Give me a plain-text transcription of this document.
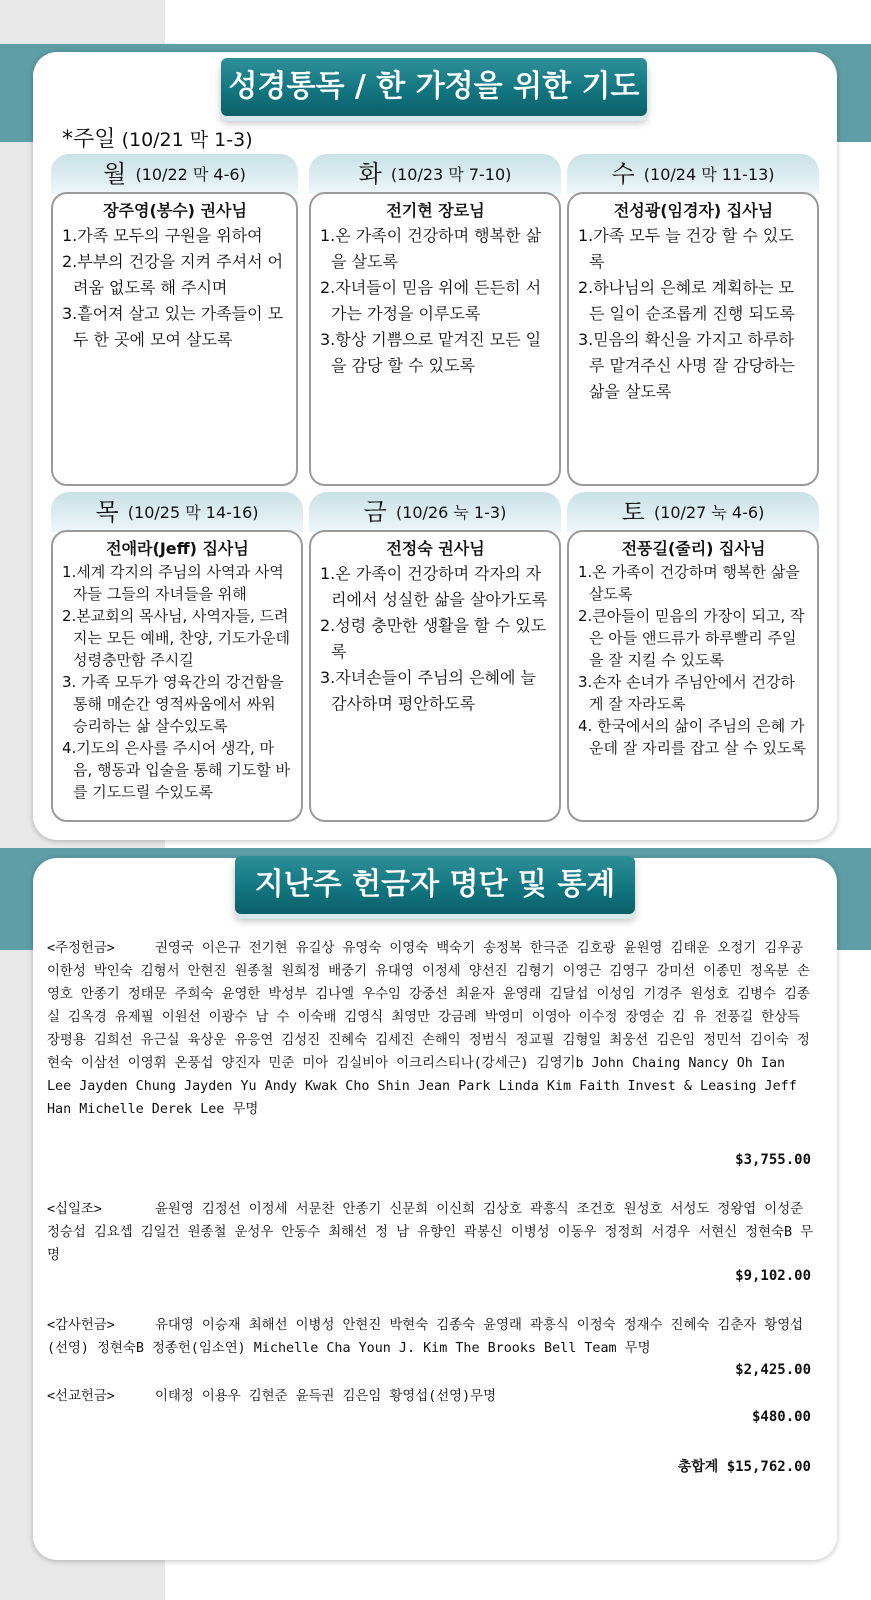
성경통독 / 한 가정을 위한 기도
*주일 (10/21 막 1-3)
월 (10/22 막 4-6)
장주영(봉수) 권사님
1.가족 모두의 구원을 위하여
2.부부의 건강을 지켜 주셔서 어려움 없도록 해 주시며
3.흩어져 살고 있는 가족들이 모두 한 곳에 모여 살도록
화 (10/23 막 7-10)
전기현 장로님
1.온 가족이 건강하며 행복한 삶을 살도록
2.자녀들이 믿음 위에 든든히 서가는 가정을 이루도록
3.항상 기쁨으로 맡겨진 모든 일을 감당 할 수 있도록
수 (10/24 막 11-13)
전성광(임경자) 집사님
1.가족 모두 늘 건강 할 수 있도록
2.하나님의 은혜로 계획하는 모든 일이 순조롭게 진행 되도록
3.믿음의 확신을 가지고 하루하루 맡겨주신 사명 잘 감당하는 삶을 살도록
목 (10/25 막 14-16)
전애라(Jeff) 집사님
1.세계 각지의 주님의 사역과 사역자들 그들의 자녀들을 위해
2.본교회의 목사님, 사역자들, 드려지는 모든 예배, 찬양, 기도가운데 성령충만함 주시길
3. 가족 모두가 영육간의 강건함을 통해 매순간 영적싸움에서 싸워 승리하는 삶 살수있도록
4.기도의 은사를 주시어 생각, 마음, 행동과 입술을 통해 기도할 바를 기도드릴 수있도록
금 (10/26 눅 1-3)
전정숙 권사님
1.온 가족이 건강하며 각자의 자리에서 성실한 삶을 살아가도록
2.성령 충만한 생활을 할 수 있도록
3.자녀손들이 주님의 은혜에 늘 감사하며 평안하도록
토 (10/27 눅 4-6)
전풍길(줄리) 집사님
1.온 가족이 건강하며 행복한 삶을 살도록
2.큰아들이 믿음의 가장이 되고, 작은 아들 앤드류가 하루빨리 주일을 잘 지킬 수 있도록
3.손자 손녀가 주님안에서 건강하게 잘 자라도록
4. 한국에서의 삶이 주님의 은혜 가운데 잘 자리를 잡고 살 수 있도록
지난주 헌금자 명단 및 통계
<주정헌금>	권영국 이은규 전기현 유길상 유영숙 이영숙 백숙기 송정복 한극준 김호광 윤원영 김태운 오정기 김우공 이한성 박인숙 김형서 안현진 원종철 원희정 배중기 유대영 이정세 양선진 김형기 이영근 김영구 강미선 이종민 정옥분 손영호 안종기 정태문 주희숙 윤영한 박성부 김나엘 우수임 강중선 최윤자 윤영래 김달섭 이성임 기경주 원성호 김병수 김종실 김옥경 유제필 이원선 이광수 남 수 이숙배 김영식 최영만 강금례 박영미 이영아 이수정 장영순 김 유 전풍길 한상득 장평용 김희선 유근실 육상운 유응연 김성진 진혜숙 김세진 손해익 정범식 정교필 김형일 최웅선 김은임 정민석 김이숙 정현숙 이삼선 이영휘 온풍섭 양진자 민준 미아 김실비아 이크리스티나(강세근) 김영기b John Chaing Nancy Oh Ian Lee Jayden Chung Jayden Yu Andy Kwak Cho Shin Jean Park Linda Kim Faith Invest & Leasing Jeff Han Michelle Derek Lee 무명
$3,755.00
<십일조>	윤원영 김정선 이정세 서문찬 안종기 신문희 이신희 김상호 곽흥식 조건호 원성호 서성도 정왕엽 이성준 정승섭 김요셉 김일건 원종철 운성우 안동수 최해선 정 남 유향인 곽봉신 이병성 이동우 정정희 서경우 서현신 정현숙B 무명
$9,102.00
<감사헌금>	유대영 이승재 최해선 이병성 안현진 박현숙 김종숙 윤영래 곽흥식 이정숙 정재수 진혜숙 김춘자 황영섭(선영) 정현숙B 정종헌(임소연) Michelle Cha Youn J. Kim The Brooks Bell Team 무명
$2,425.00
<선교헌금>	이태정 이용우 김현준 윤득권 김은임 황영섭(선영)무명
$480.00
총합계 $15,762.00
